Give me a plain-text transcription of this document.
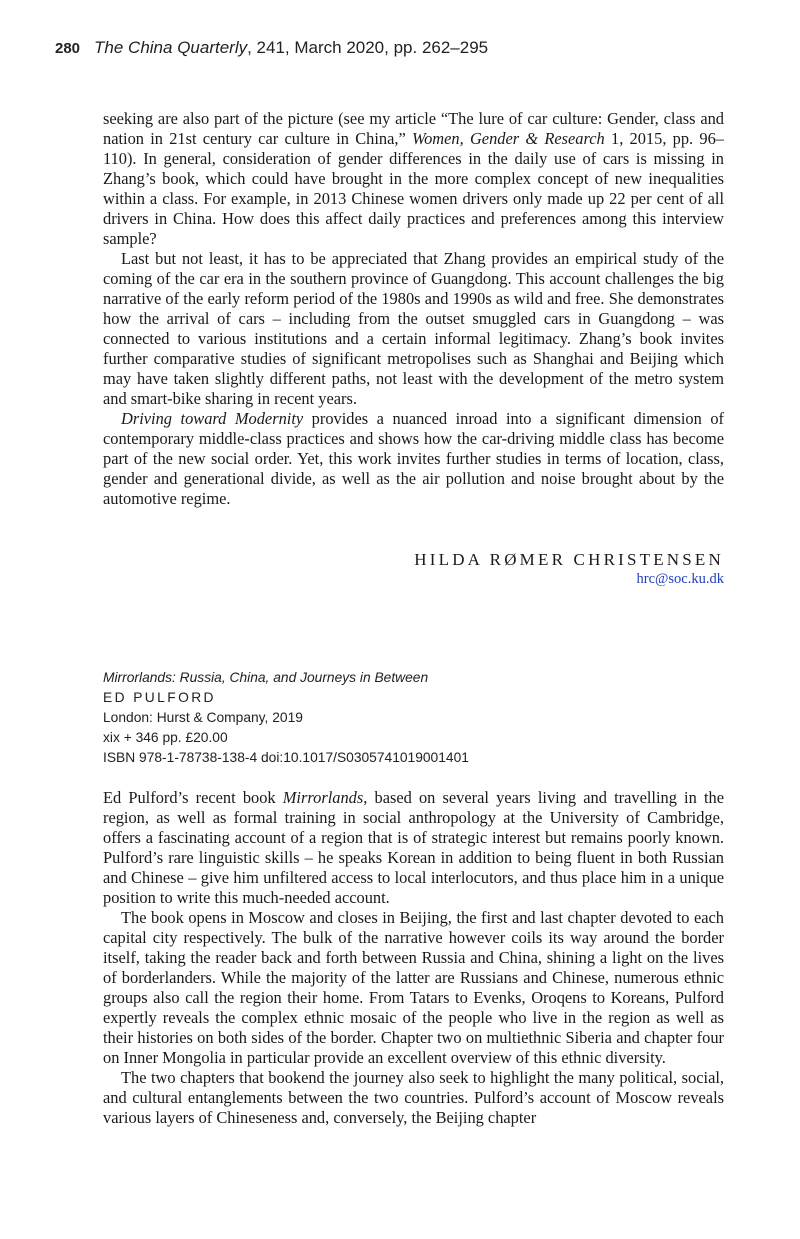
280 The China Quarterly, 241, March 2020, pp. 262–295

seeking are also part of the picture (see my article “The lure of car culture: Gender, class and nation in 21st century car culture in China,” Women, Gender & Research 1, 2015, pp. 96–110). In general, consideration of gender differences in the daily use of cars is missing in Zhang’s book, which could have brought in the more complex concept of new inequalities within a class. For example, in 2013 Chinese women drivers only made up 22 per cent of all drivers in China. How does this affect daily practices and preferences among this interview sample?

Last but not least, it has to be appreciated that Zhang provides an empirical study of the coming of the car era in the southern province of Guangdong. This account challenges the big narrative of the early reform period of the 1980s and 1990s as wild and free. She demonstrates how the arrival of cars – including from the outset smuggled cars in Guangdong – was connected to various institutions and a certain informal legitimacy. Zhang’s book invites further comparative studies of significant metropolises such as Shanghai and Beijing which may have taken slightly different paths, not least with the development of the metro system and smart-bike sharing in recent years.

Driving toward Modernity provides a nuanced inroad into a significant dimension of contemporary middle-class practices and shows how the car-driving middle class has become part of the new social order. Yet, this work invites further studies in terms of location, class, gender and generational divide, as well as the air pollution and noise brought about by the automotive regime.

HILDA RØMER CHRISTENSEN
hrc@soc.ku.dk
Mirrorlands: Russia, China, and Journeys in Between
ED PULFORD
London: Hurst & Company, 2019
xix + 346 pp. £20.00
ISBN 978-1-78738-138-4 doi:10.1017/S0305741019001401

Ed Pulford’s recent book Mirrorlands, based on several years living and travelling in the region, as well as formal training in social anthropology at the University of Cambridge, offers a fascinating account of a region that is of strategic interest but remains poorly known. Pulford’s rare linguistic skills – he speaks Korean in addition to being fluent in both Russian and Chinese – give him unfiltered access to local interlocutors, and thus place him in a unique position to write this much-needed account.

The book opens in Moscow and closes in Beijing, the first and last chapter devoted to each capital city respectively. The bulk of the narrative however coils its way around the border itself, taking the reader back and forth between Russia and China, shining a light on the lives of borderlanders. While the majority of the latter are Russians and Chinese, numerous ethnic groups also call the region their home. From Tatars to Evenks, Oroqens to Koreans, Pulford expertly reveals the complex ethnic mosaic of the people who live in the region as well as their histories on both sides of the border. Chapter two on multiethnic Siberia and chapter four on Inner Mongolia in particular provide an excellent overview of this ethnic diversity.

The two chapters that bookend the journey also seek to highlight the many political, social, and cultural entanglements between the two countries. Pulford’s account of Moscow reveals various layers of Chineseness and, conversely, the Beijing chapter
